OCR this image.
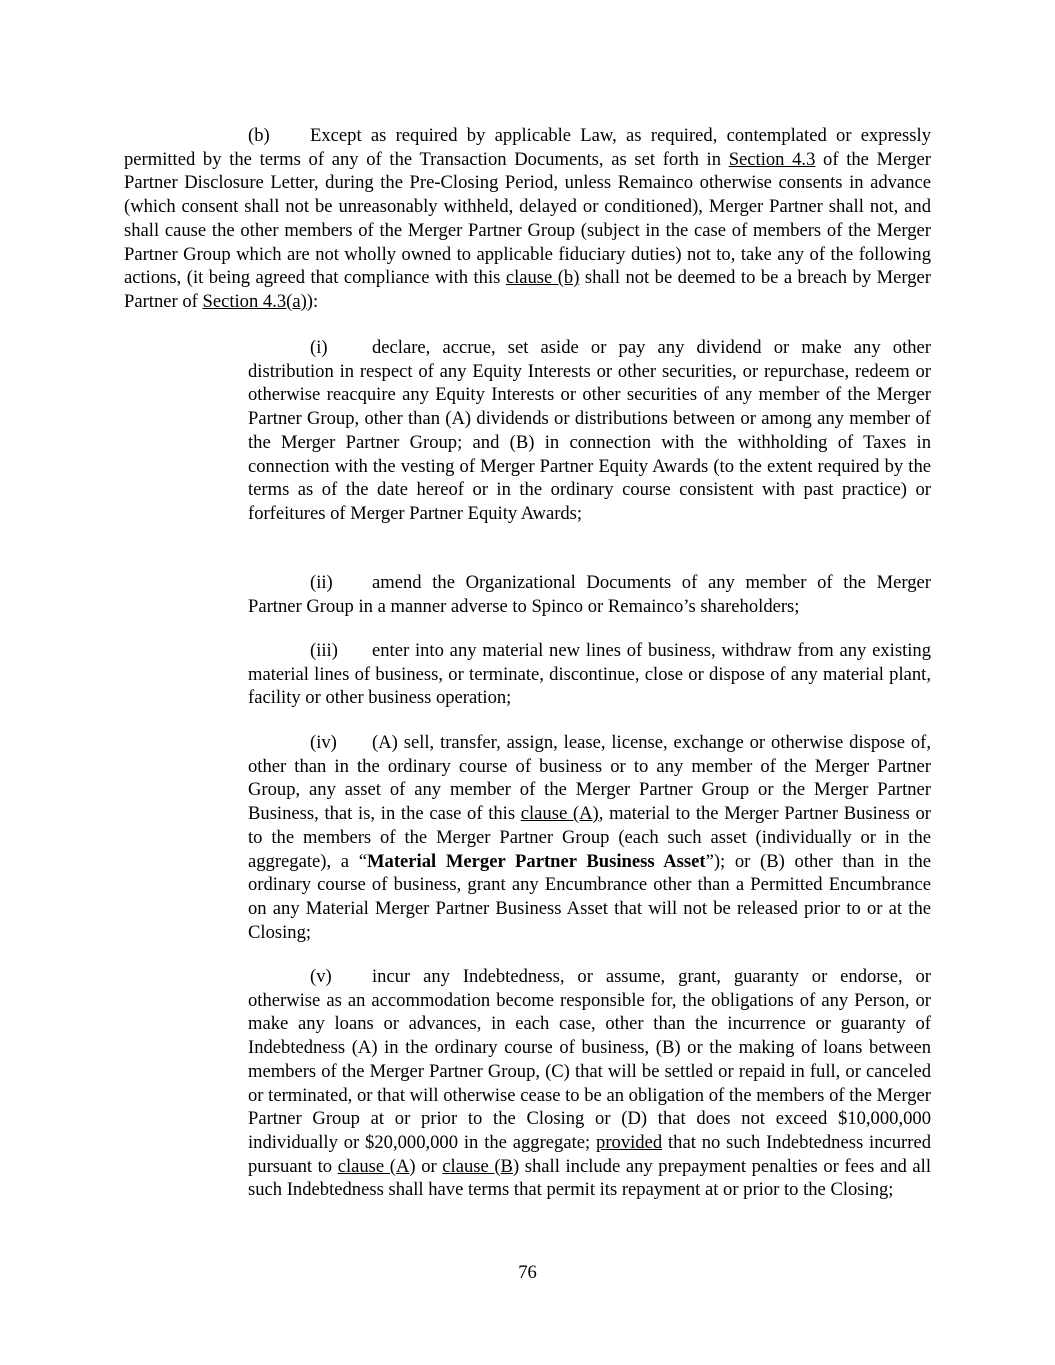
(b) Except as required by applicable Law, as required, contemplated or expressly permitted by the terms of any of the Transaction Documents, as set forth in Section 4.3 of the Merger Partner Disclosure Letter, during the Pre-Closing Period, unless Remainco otherwise consents in advance (which consent shall not be unreasonably withheld, delayed or conditioned), Merger Partner shall not, and shall cause the other members of the Merger Partner Group (subject in the case of members of the Merger Partner Group which are not wholly owned to applicable fiduciary duties) not to, take any of the following actions, (it being agreed that compliance with this clause (b) shall not be deemed to be a breach by Merger Partner of Section 4.3(a)):

(i) declare, accrue, set aside or pay any dividend or make any other distribution in respect of any Equity Interests or other securities, or repurchase, redeem or otherwise reacquire any Equity Interests or other securities of any member of the Merger Partner Group, other than (A) dividends or distributions between or among any member of the Merger Partner Group; and (B) in connection with the withholding of Taxes in connection with the vesting of Merger Partner Equity Awards (to the extent required by the terms as of the date hereof or in the ordinary course consistent with past practice) or forfeitures of Merger Partner Equity Awards;

(ii) amend the Organizational Documents of any member of the Merger Partner Group in a manner adverse to Spinco or Remainco’s shareholders;

(iii) enter into any material new lines of business, withdraw from any existing material lines of business, or terminate, discontinue, close or dispose of any material plant, facility or other business operation;

(iv) (A) sell, transfer, assign, lease, license, exchange or otherwise dispose of, other than in the ordinary course of business or to any member of the Merger Partner Group, any asset of any member of the Merger Partner Group or the Merger Partner Business, that is, in the case of this clause (A), material to the Merger Partner Business or to the members of the Merger Partner Group (each such asset (individually or in the aggregate), a “Material Merger Partner Business Asset”); or (B) other than in the ordinary course of business, grant any Encumbrance other than a Permitted Encumbrance on any Material Merger Partner Business Asset that will not be released prior to or at the Closing;

(v) incur any Indebtedness, or assume, grant, guaranty or endorse, or otherwise as an accommodation become responsible for, the obligations of any Person, or make any loans or advances, in each case, other than the incurrence or guaranty of Indebtedness (A) in the ordinary course of business, (B) or the making of loans between members of the Merger Partner Group, (C) that will be settled or repaid in full, or canceled or terminated, or that will otherwise cease to be an obligation of the members of the Merger Partner Group at or prior to the Closing or (D) that does not exceed $10,000,000 individually or $20,000,000 in the aggregate; provided that no such Indebtedness incurred pursuant to clause (A) or clause (B) shall include any prepayment penalties or fees and all such Indebtedness shall have terms that permit its repayment at or prior to the Closing;

76
